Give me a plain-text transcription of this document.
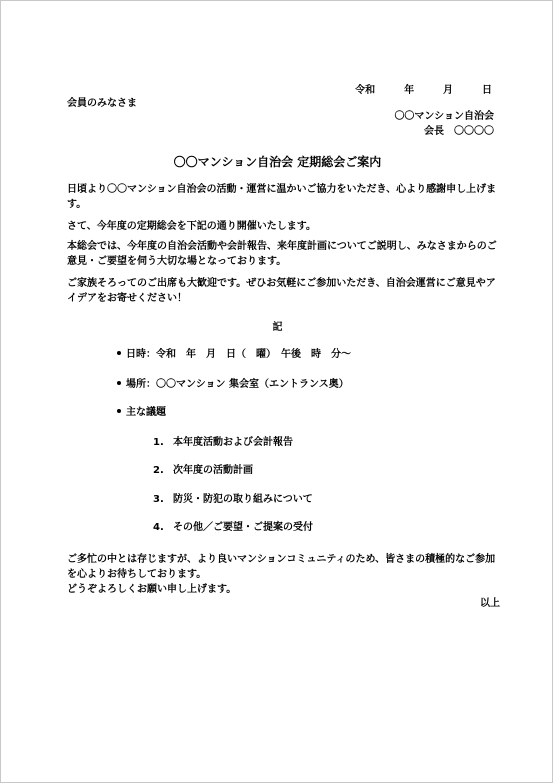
令和	年	月	日
会員のみなさま
〇〇マンション自治会
会長　〇〇〇〇
〇〇マンション自治会 定期総会ご案内
日頃より〇〇マンション自治会の活動・運営に温かいご協力をいただき、心より感謝申し上げます。
さて、今年度の定期総会を下記の通り開催いたします。
本総会では、今年度の自治会活動や会計報告、来年度計画についてご説明し、みなさまからのご意見・ご要望を伺う大切な場となっております。
ご家族そろってのご出席も大歓迎です。ぜひお気軽にご参加いただき、自治会運営にご意見やアイデアをお寄せください！
記
日時：令和　年　月　日（　曜）　午後　時　分～
場所：〇〇マンション 集会室（エントランス奥）
主な議題
1. 本年度活動および会計報告
2. 次年度の活動計画
3. 防災・防犯の取り組みについて
4. その他／ご要望・ご提案の受付
ご多忙の中とは存じますが、より良いマンションコミュニティのため、皆さまの積極的なご参加を心よりお待ちしております。
どうぞよろしくお願い申し上げます。
以上
